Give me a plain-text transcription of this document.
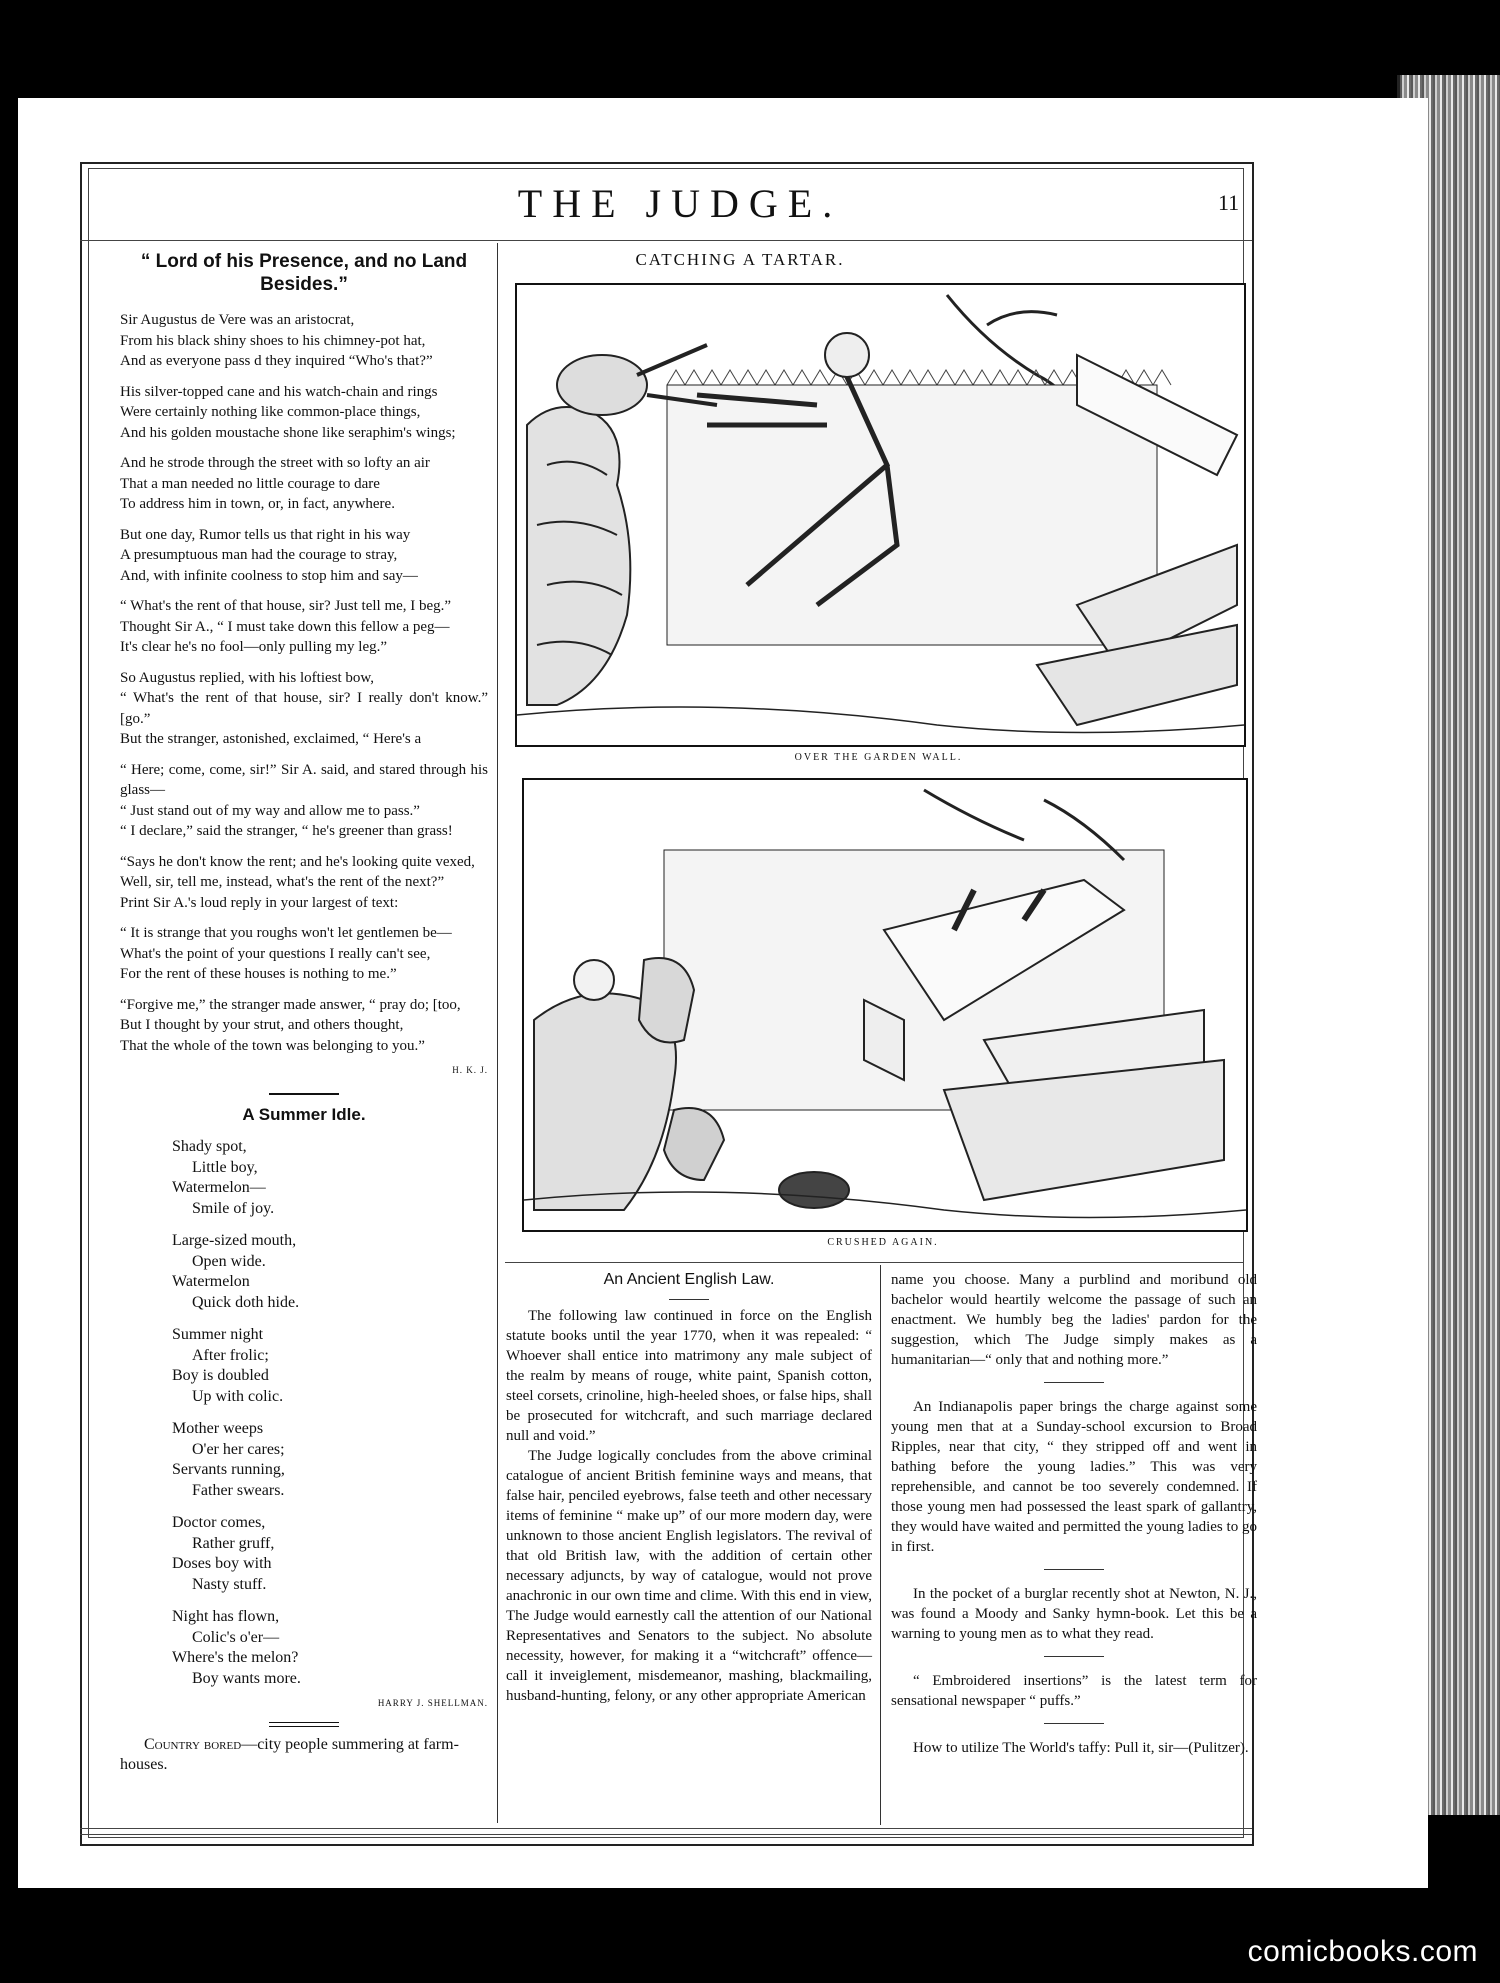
THE JUDGE.	11
“ Lord of his Presence, and no Land Besides.”

Sir Augustus de Vere was an aristocrat,

From his black shiny shoes to his chimney-pot hat,

And as everyone pass d they inquired “Who's that?”

His silver-topped cane and his watch-chain and rings

Were certainly nothing like common-place things,

And his golden moustache shone like seraphim's wings;

And he strode through the street with so lofty an air

That a man needed no little courage to dare

To address him in town, or, in fact, anywhere.

But one day, Rumor tells us that right in his way

A presumptuous man had the courage to stray,

And, with infinite coolness to stop him and say—

“ What's the rent of that house, sir? Just tell me, I beg.”

Thought Sir A., “ I must take down this fellow a peg—

It's clear he's no fool—only pulling my leg.”

So Augustus replied, with his loftiest bow,

“ What's the rent of that house, sir? I really don't know.” [go.”

But the stranger, astonished, exclaimed, “ Here's a

“ Here; come, come, sir!” Sir A. said, and stared through his glass—

“ Just stand out of my way and allow me to pass.”

“ I declare,” said the stranger, “ he's greener than grass!

“Says he don't know the rent; and he's looking quite vexed,

Well, sir, tell me, instead, what's the rent of the next?”

Print Sir A.'s loud reply in your largest of text:

“ It is strange that you roughs won't let gentlemen be—

What's the point of your questions I really can't see,

For the rent of these houses is nothing to me.”

“Forgive me,” the stranger made answer, “ pray do; [too,

But I thought by your strut, and others thought,

That the whole of the town was belonging to you.”

H. K. J.
A Summer Idle.

Shady spot,

Little boy,

Watermelon—

Smile of joy.

Large-sized mouth,

Open wide.

Watermelon

Quick doth hide.

Summer night

After frolic;

Boy is doubled

Up with colic.

Mother weeps

O'er her cares;

Servants running,

Father swears.

Doctor comes,

Rather gruff,

Doses boy with

Nasty stuff.

Night has flown,

Colic's o'er—

Where's the melon?

Boy wants more.

HARRY J. SHELLMAN.
Country bored—city people summering at farm-houses.
CATCHING A TARTAR.
OVER THE GARDEN WALL.
CRUSHED AGAIN.
An Ancient English Law.

The following law continued in force on the English statute books until the year 1770, when it was repealed: “ Whoever shall entice into matrimony any male subject of the realm by means of rouge, white paint, Spanish cotton, steel corsets, crinoline, high-heeled shoes, or false hips, shall be prosecuted for witchcraft, and such marriage declared null and void.”

The Judge logically concludes from the above criminal catalogue of ancient British feminine ways and means, that false hair, penciled eyebrows, false teeth and other necessary items of feminine “ make up” of our more modern day, were unknown to those ancient English legislators. The revival of that old British law, with the addition of certain other necessary adjuncts, by way of catalogue, would not prove anachronic in our own time and clime. With this end in view, The Judge would earnestly call the attention of our National Representatives and Senators to the subject. No absolute necessity, however, for making it a “witchcraft” offence—call it inveiglement, misdemeanor, mashing, blackmailing, husband-hunting, felony, or any other appropriate American

name you choose. Many a purblind and moribund old bachelor would heartily welcome the passage of such an enactment. We humbly beg the ladies' pardon for the suggestion, which The Judge simply makes as a humanitarian—“ only that and nothing more.”

An Indianapolis paper brings the charge against some young men that at a Sunday-school excursion to Broad Ripples, near that city, “ they stripped off and went in bathing before the young ladies.” This was very reprehensible, and cannot be too severely condemned. If those young men had possessed the least spark of gallantry, they would have waited and permitted the young ladies to go in first.

In the pocket of a burglar recently shot at Newton, N. J., was found a Moody and Sanky hymn-book. Let this be a warning to young men as to what they read.

“ Embroidered insertions” is the latest term for sensational newspaper “ puffs.”

How to utilize The World's taffy: Pull it, sir—(Pulitzer).

comicbooks.com
